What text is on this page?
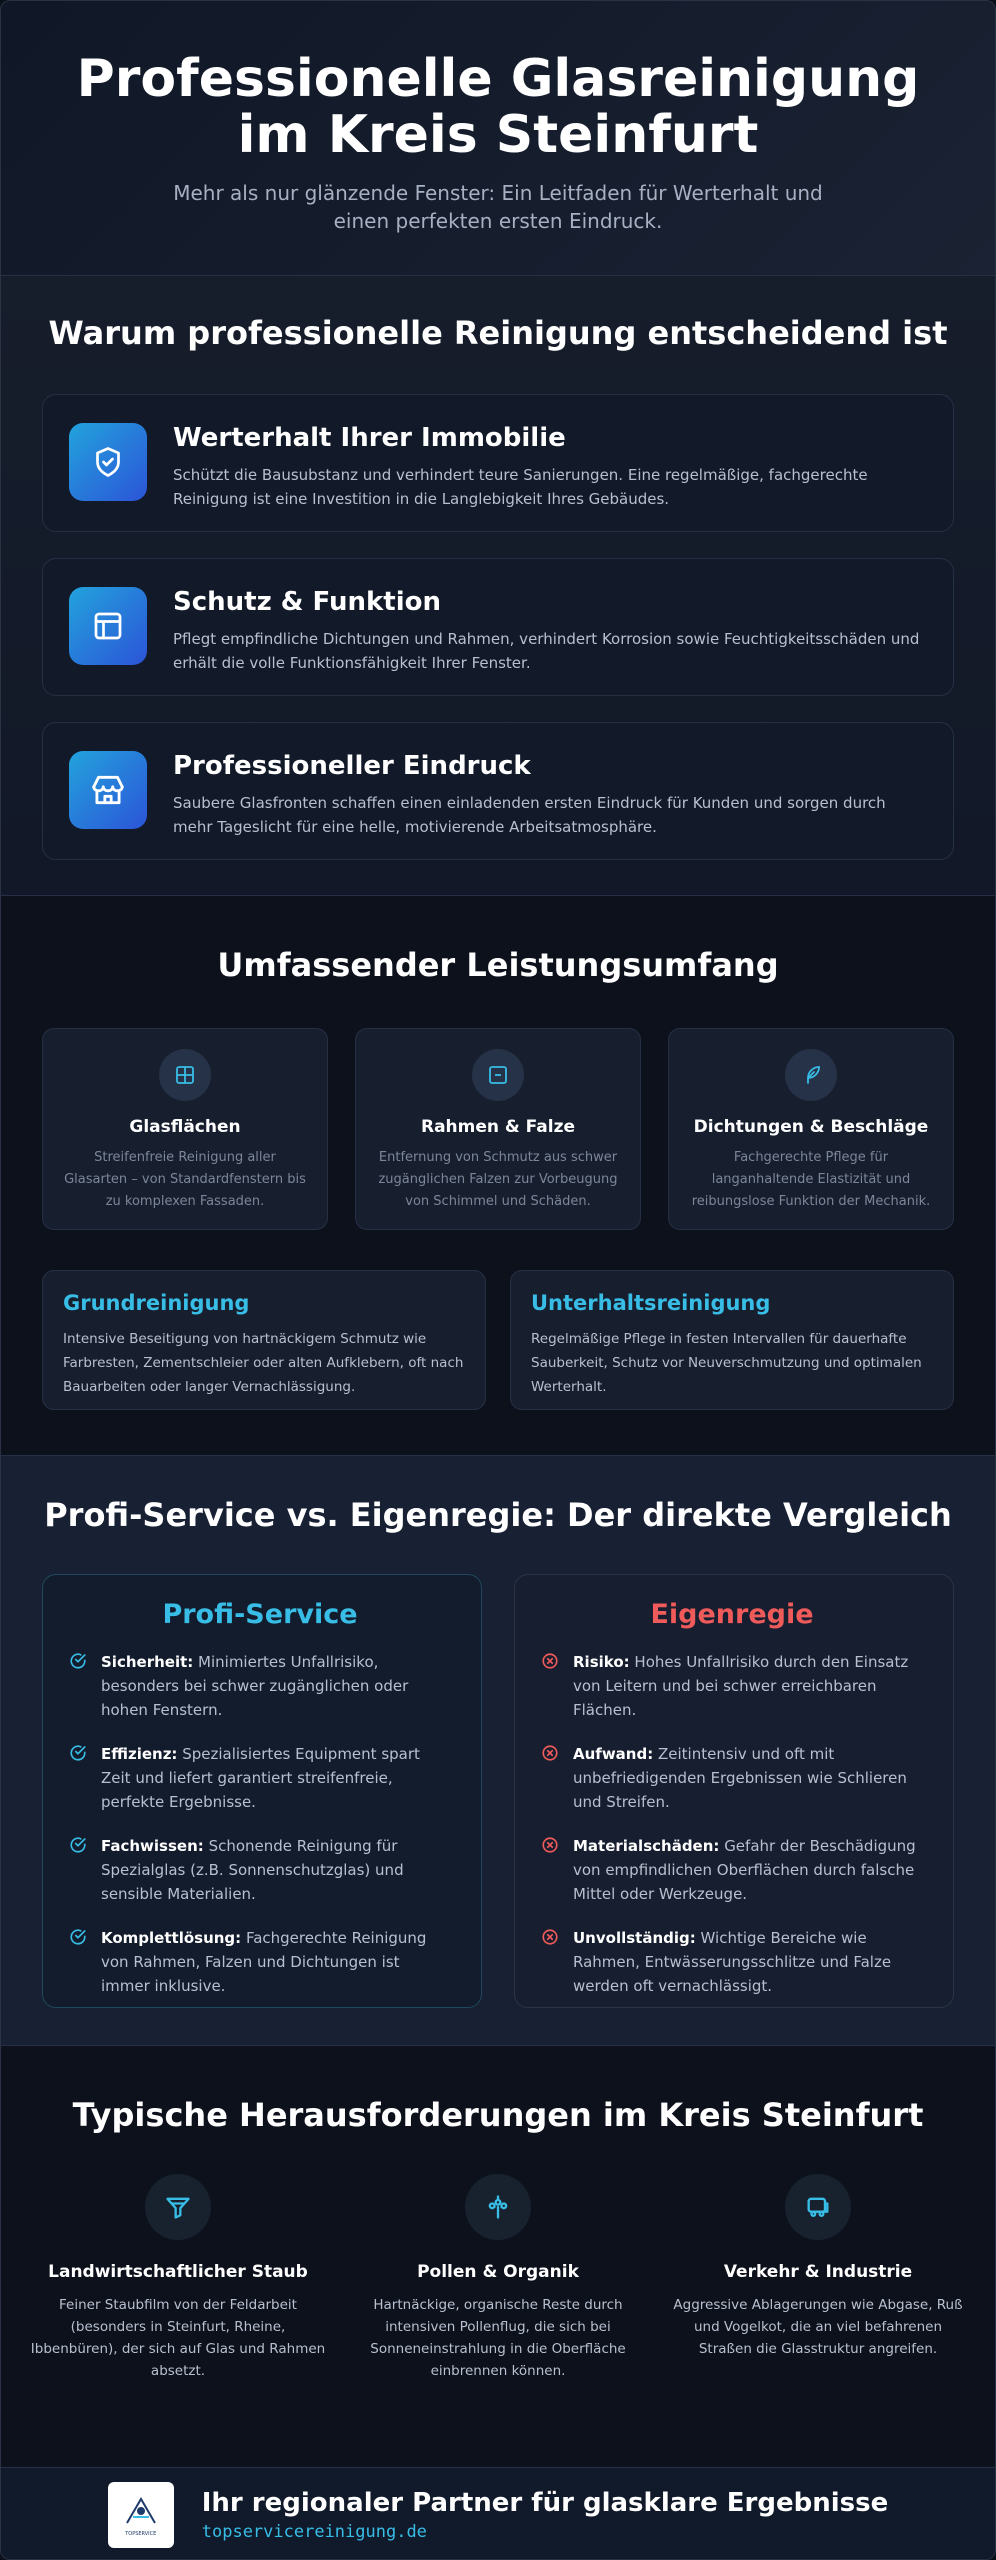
Professionelle Glasreinigung im Kreis Steinfurt

Mehr als nur glänzende Fenster: Ein Leitfaden für Werterhalt und einen perfekten ersten Eindruck.

Warum professionelle Reinigung entscheidend ist
Werterhalt Ihrer Immobilie

Schützt die Bausubstanz und verhindert teure Sanierungen. Eine regelmäßige, fachgerechte Reinigung ist eine Investition in die Langlebigkeit Ihres Gebäudes.

Schutz & Funktion

Pflegt empfindliche Dichtungen und Rahmen, verhindert Korrosion sowie Feuchtigkeitsschäden und erhält die volle Funktionsfähigkeit Ihrer Fenster.

Professioneller Eindruck

Saubere Glasfronten schaffen einen einladenden ersten Eindruck für Kunden und sorgen durch mehr Tageslicht für eine helle, motivierende Arbeitsatmosphäre.

Umfassender Leistungsumfang
Glasflächen

Streifenfreie Reinigung aller Glasarten – von Standardfenstern bis zu komplexen Fassaden.

Rahmen & Falze

Entfernung von Schmutz aus schwer zugänglichen Falzen zur Vorbeugung von Schimmel und Schäden.

Dichtungen & Beschläge

Fachgerechte Pflege für langanhaltende Elastizität und reibungslose Funktion der Mechanik.

Grundreinigung

Intensive Beseitigung von hartnäckigem Schmutz wie Farbresten, Zementschleier oder alten Aufklebern, oft nach Bauarbeiten oder langer Vernachlässigung.

Unterhaltsreinigung

Regelmäßige Pflege in festen Intervallen für dauerhafte Sauberkeit, Schutz vor Neuverschmutzung und optimalen Werterhalt.

Profi-Service vs. Eigenregie: Der direkte Vergleich
Profi-Service

Sicherheit: Minimiertes Unfallrisiko, besonders bei schwer zugänglichen oder hohen Fenstern.

Effizienz: Spezialisiertes Equipment spart Zeit und liefert garantiert streifenfreie, perfekte Ergebnisse.

Fachwissen: Schonende Reinigung für Spezialglas (z.B. Sonnenschutzglas) und sensible Materialien.

Komplettlösung: Fachgerechte Reinigung von Rahmen, Falzen und Dichtungen ist immer inklusive.

Eigenregie

Risiko: Hohes Unfallrisiko durch den Einsatz von Leitern und bei schwer erreichbaren Flächen.

Aufwand: Zeitintensiv und oft mit unbefriedigenden Ergebnissen wie Schlieren und Streifen.

Materialschäden: Gefahr der Beschädigung von empfindlichen Oberflächen durch falsche Mittel oder Werkzeuge.

Unvollständig: Wichtige Bereiche wie Rahmen, Entwässerungsschlitze und Falze werden oft vernachlässigt.

Typische Herausforderungen im Kreis Steinfurt
Landwirtschaftlicher Staub

Feiner Staubfilm von der Feldarbeit (besonders in Steinfurt, Rheine, Ibbenbüren), der sich auf Glas und Rahmen absetzt.

Pollen & Organik

Hartnäckige, organische Reste durch intensiven Pollenflug, die sich bei Sonneneinstrahlung in die Oberfläche einbrennen können.

Verkehr & Industrie

Aggressive Ablagerungen wie Abgase, Ruß und Vogelkot, die an viel befahrenen Straßen die Glasstruktur angreifen.

TOPSERVICE
Ihr regionaler Partner für glasklare Ergebnisse
topservicereinigung.de
